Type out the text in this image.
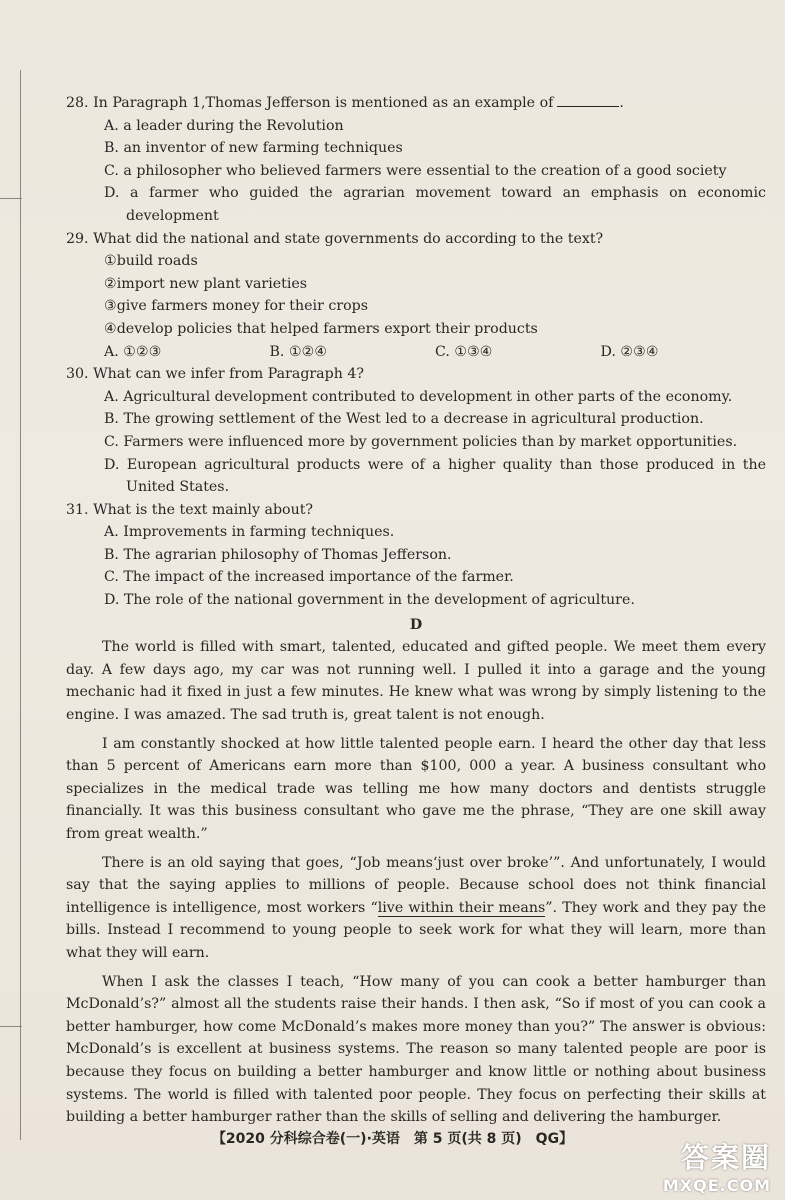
28. In Paragraph 1,Thomas Jefferson is mentioned as an example of	.

A. a leader during the Revolution
B. an inventor of new farming techniques
C. a philosopher who believed farmers were essential to the creation of a good society
D. a farmer who guided the agrarian movement toward an emphasis on economic development

29. What did the national and state governments do according to the text?

①build roads
②import new plant varieties
③give farmers money for their crops
④develop policies that helped farmers export their products
A. ①②③	B. ①②④	C. ①③④	D. ②③④

30. What can we infer from Paragraph 4?

A. Agricultural development contributed to development in other parts of the economy.
B. The growing settlement of the West led to a decrease in agricultural production.
C. Farmers were influenced more by government policies than by market opportunities.
D. European agricultural products were of a higher quality than those produced in the United States.

31. What is the text mainly about?

A. Improvements in farming techniques.
B. The agrarian philosophy of Thomas Jefferson.
C. The impact of the increased importance of the farmer.
D. The role of the national government in the development of agriculture.

D

The world is filled with smart, talented, educated and gifted people. We meet them every day. A few days ago, my car was not running well. I pulled it into a garage and the young mechanic had it fixed in just a few minutes. He knew what was wrong by simply listening to the engine. I was amazed. The sad truth is, great talent is not enough.

I am constantly shocked at how little talented people earn. I heard the other day that less than 5 percent of Americans earn more than $100, 000 a year. A business consultant who specializes in the medical trade was telling me how many doctors and dentists struggle financially. It was this business consultant who gave me the phrase, “They are one skill away from great wealth.”

There is an old saying that goes, “Job means‘just over broke’”. And unfortunately, I would say that the saying applies to millions of people. Because school does not think financial intelligence is intelligence, most workers “live within their means”. They work and they pay the bills. Instead I recommend to young people to seek work for what they will learn, more than what they will earn.

When I ask the classes I teach, “How many of you can cook a better hamburger than McDonald’s?” almost all the students raise their hands. I then ask, “So if most of you can cook a better hamburger, how come McDonald’s makes more money than you?” The answer is obvious: McDonald’s is excellent at business systems. The reason so many talented people are poor is because they focus on building a better hamburger and know little or nothing about business systems. The world is filled with talented poor people. They focus on perfecting their skills at building a better hamburger rather than the skills of selling and delivering the hamburger.

【2020 分科综合卷(一)·英语　第 5 页(共 8 页)　QG】
答案圈
MXQE.COM
